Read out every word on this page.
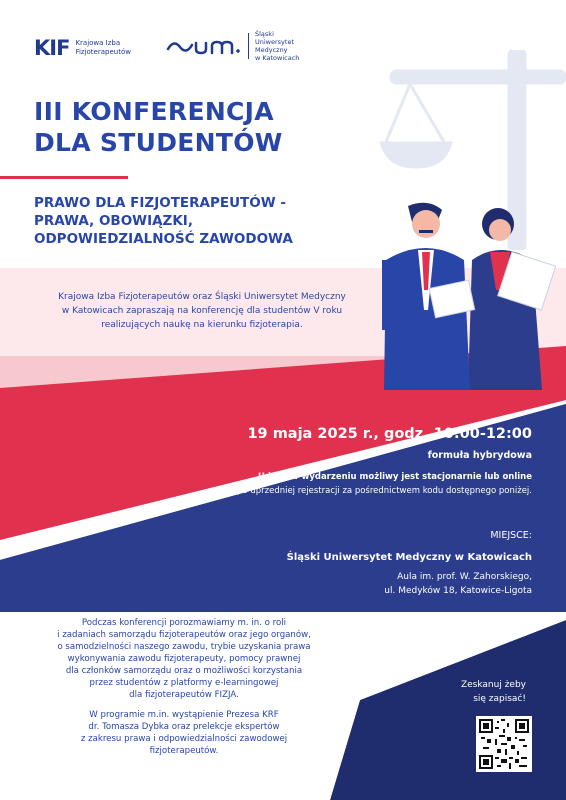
KIF Krajowa Izba
Fizjoterapeutów
Śląski
Uniwersytet
Medyczny
w Katowicach
III KONFERENCJA
DLA STUDENTÓW
PRAWO DLA FIZJOTERAPEUTÓW -
PRAWA, OBOWIĄZKI,
ODPOWIEDZIALNOŚĆ ZAWODOWA
Krajowa Izba Fizjoterapeutów oraz Śląski Uniwersytet Medyczny
w Katowicach zapraszają na konferencję dla studentów V roku
realizujących naukę na kierunku fizjoterapia.
19 maja 2025 r., godz. 10:00-12:00
formuła hybrydowa
Udział w wydarzeniu możliwy jest stacjonarnie lub online
po uprzedniej rejestracji za pośrednictwem kodu dostępnego poniżej.
MIEJSCE:
Śląski Uniwersytet Medyczny w Katowicach
Aula im. prof. W. Zahorskiego,
ul. Medyków 18, Katowice-Ligota

Podczas konferencji porozmawiamy m. in. o roli
i zadaniach samorządu fizjoterapeutów oraz jego organów,
o samodzielności naszego zawodu, trybie uzyskania prawa
wykonywania zawodu fizjoterapeuty, pomocy prawnej
dla członków samorządu oraz o możliwości korzystania
przez studentów z platformy e-learningowej
dla fizjoterapeutów FIZJA.

W programie m.in. wystąpienie Prezesa KRF
dr. Tomasza Dybka oraz prelekcje ekspertów
z zakresu prawa i odpowiedzialności zawodowej
fizjoterapeutów.

Zeskanuj żeby
się zapisać!
